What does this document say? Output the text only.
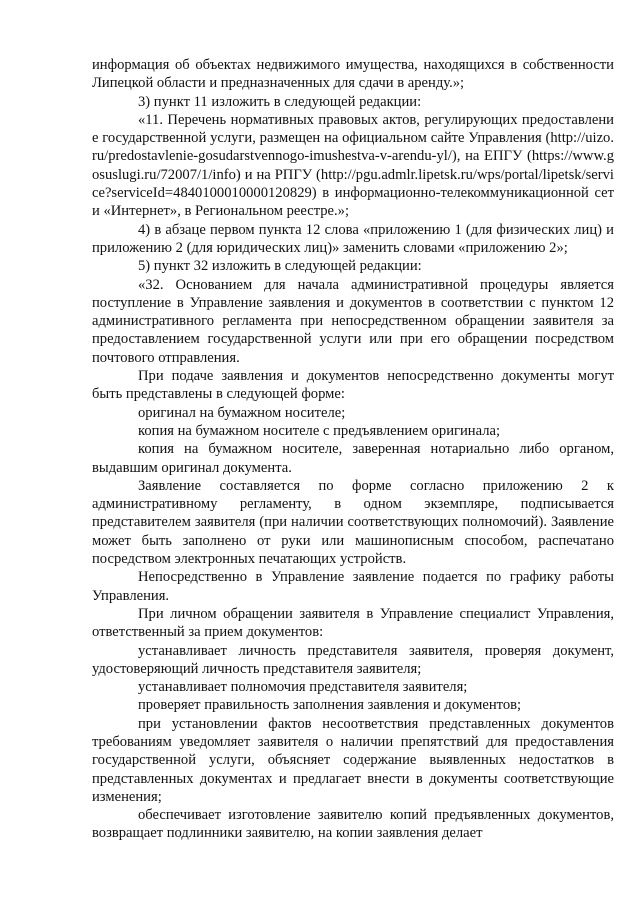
информация об объектах недвижимого имущества, находящихся в собственности Липецкой области и предназначенных для сдачи в аренду.»;

3) пункт 11 изложить в следующей редакции:

«11. Перечень нормативных правовых актов, регулирующих предоставление государственной услуги, размещен на официальном сайте Управления (http://uizo.ru/predostavlenie-gosudarstvennogo-imushestva-v-arendu-yl/), на ЕПГУ (https://www.gosuslugi.ru/72007/1/info) и на РПГУ (http://pgu.admlr.lipetsk.ru/wps/portal/lipetsk/service?serviceId=4840100010000120829) в информационно-телекоммуникационной сети «Интернет», в Региональном реестре.»;

4) в абзаце первом пункта 12 слова «приложению 1 (для физических лиц) и приложению 2 (для юридических лиц)» заменить словами «приложению 2»;

5) пункт 32 изложить в следующей редакции:

«32. Основанием для начала административной процедуры является поступление в Управление заявления и документов в соответствии с пунктом 12 административного регламента при непосредственном обращении заявителя за предоставлением государственной услуги или при его обращении посредством почтового отправления.

При подаче заявления и документов непосредственно документы могут быть представлены в следующей форме:

оригинал на бумажном носителе;

копия на бумажном носителе с предъявлением оригинала;

копия на бумажном носителе, заверенная нотариально либо органом, выдавшим оригинал документа.

Заявление составляется по форме согласно приложению 2 к административному регламенту, в одном экземпляре, подписывается представителем заявителя (при наличии соответствующих полномочий). Заявление может быть заполнено от руки или машинописным способом, распечатано посредством электронных печатающих устройств.

Непосредственно в Управление заявление подается по графику работы Управления.

При личном обращении заявителя в Управление специалист Управления, ответственный за прием документов:

устанавливает личность представителя заявителя, проверяя документ, удостоверяющий личность представителя заявителя;

устанавливает полномочия представителя заявителя;

проверяет правильность заполнения заявления и документов;

при установлении фактов несоответствия представленных документов требованиям уведомляет заявителя о наличии препятствий для предоставления государственной услуги, объясняет содержание выявленных недостатков в представленных документах и предлагает внести в документы соответствующие изменения;

обеспечивает изготовление заявителю копий предъявленных документов, возвращает подлинники заявителю, на копии заявления делает
